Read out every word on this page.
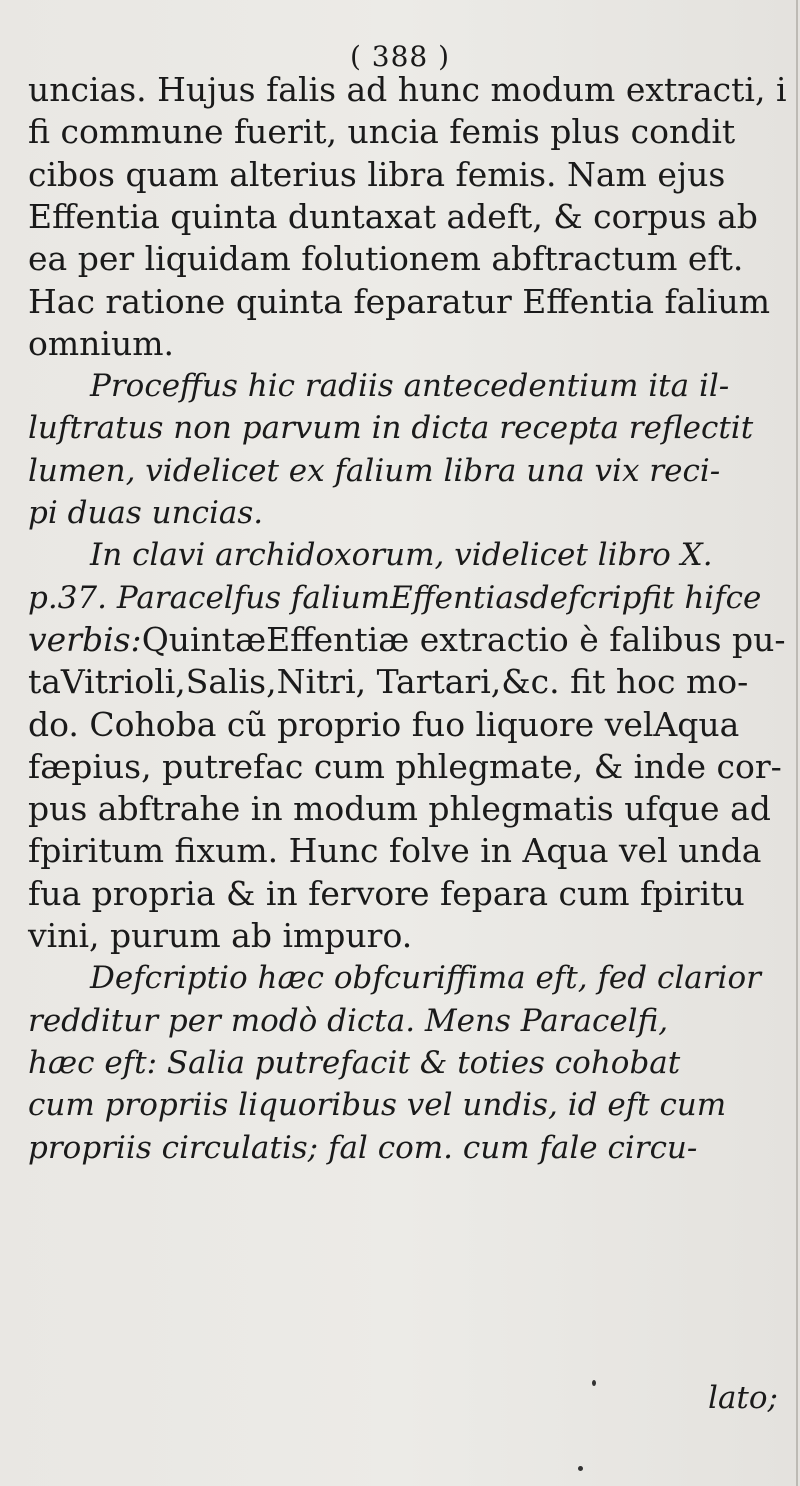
( 388 )
uncias. Hujus falis ad hunc modum extracti, i
fi commune fuerit, uncia femis plus condit
cibos quam alterius libra femis. Nam ejus
Effentia quinta duntaxat adeft, & corpus ab
ea per liquidam folutionem abftractum eft.
Hac ratione quinta feparatur Effentia falium
omnium.
Proceffus hic radiis antecedentium ita il-
luftratus non parvum in dicta recepta reflectit
lumen, videlicet ex falium libra una vix reci-
pi duas uncias.
In clavi archidoxorum, videlicet libro X.
p.37. Paracelfus faliumEffentiasdefcripfit hifce
verbis:QuintæEffentiæ extractio è falibus pu-
taVitrioli,Salis,Nitri, Tartari,&c. fit hoc mo-
do. Cohoba cũ proprio fuo liquore velAqua
fæpius, putrefac cum phlegmate, & inde cor-
pus abftrahe in modum phlegmatis ufque ad
fpiritum fixum. Hunc folve in Aqua vel unda
fua propria & in fervore fepara cum fpiritu
vini, purum ab impuro.
Defcriptio hæc obfcuriffima eft, fed clarior
redditur per modò dicta. Mens Paracelfi,
hæc eft: Salia putrefacit & toties cohobat
cum propriis liquoribus vel undis, id eft cum
propriis circulatis; fal com. cum fale circu-
lato;
